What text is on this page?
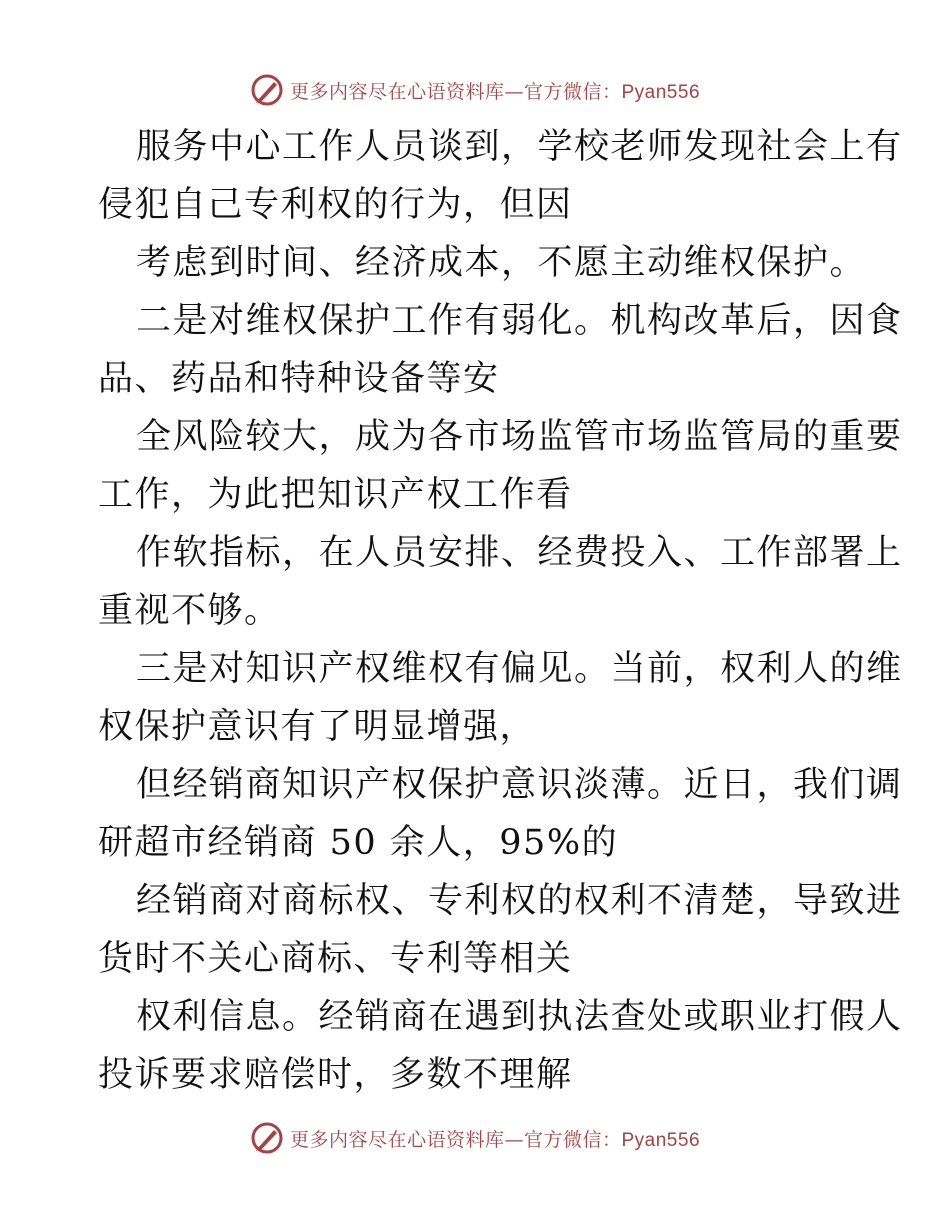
更多内容尽在心语资料库—官方微信：Pyan556
服务中心工作人员谈到，学校老师发现社会上有
侵犯自己专利权的行为，但因
考虑到时间、经济成本，不愿主动维权保护。
二是对维权保护工作有弱化。机构改革后，因食
品、药品和特种设备等安
全风险较大，成为各市场监管市场监管局的重要
工作，为此把知识产权工作看
作软指标，在人员安排、经费投入、工作部署上
重视不够。
三是对知识产权维权有偏见。当前，权利人的维
权保护意识有了明显增强，
但经销商知识产权保护意识淡薄。近日，我们调
研超市经销商 50 余人，95%的
经销商对商标权、专利权的权利不清楚，导致进
货时不关心商标、专利等相关
权利信息。经销商在遇到执法查处或职业打假人
投诉要求赔偿时，多数不理解
更多内容尽在心语资料库—官方微信：Pyan556
